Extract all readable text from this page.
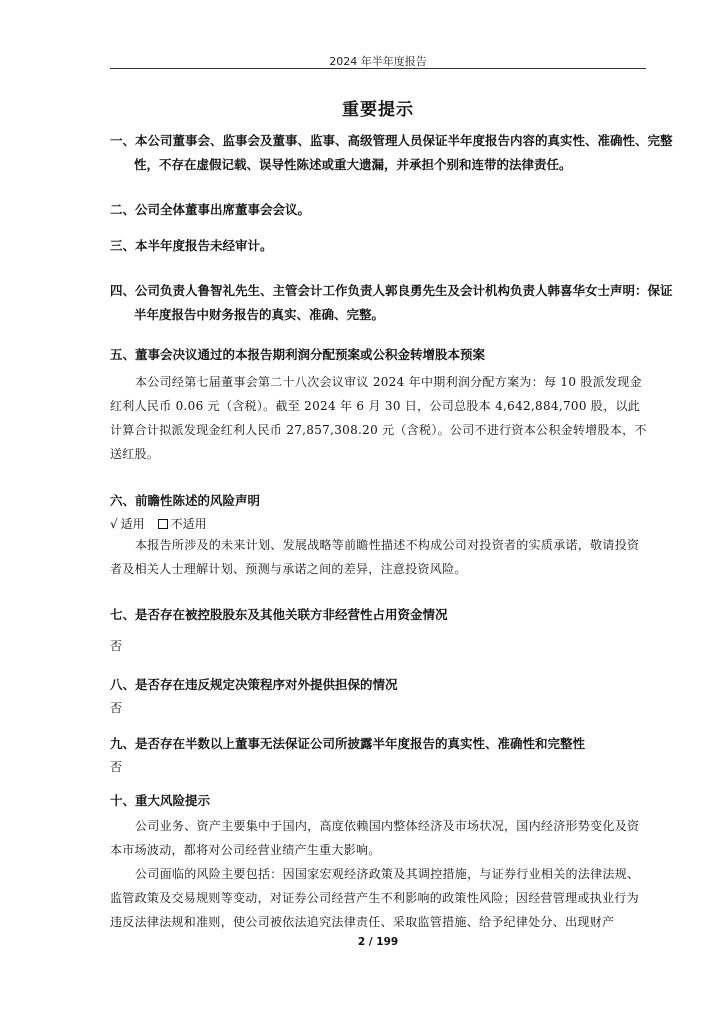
2024 年半年度报告
重要提示
一、本公司董事会、监事会及董事、监事、高级管理人员保证半年度报告内容的真实性、准确性、完整性，不存在虚假记载、误导性陈述或重大遗漏，并承担个别和连带的法律责任。
二、公司全体董事出席董事会会议。
三、本半年度报告未经审计。
四、公司负责人鲁智礼先生、主管会计工作负责人郭良勇先生及会计机构负责人韩喜华女士声明：保证半年度报告中财务报告的真实、准确、完整。
五、董事会决议通过的本报告期利润分配预案或公积金转增股本预案

本公司经第七届董事会第二十八次会议审议 2024 年中期利润分配方案为：每 10 股派发现金红利人民币 0.06 元（含税）。截至 2024 年 6 月 30 日，公司总股本 4,642,884,700 股，以此计算合计拟派发现金红利人民币 27,857,308.20 元（含税）。公司不进行资本公积金转增股本，不送红股。

六、前瞻性陈述的风险声明
√ 适用 不适用

本报告所涉及的未来计划、发展战略等前瞻性描述不构成公司对投资者的实质承诺，敬请投资者及相关人士理解计划、预测与承诺之间的差异，注意投资风险。

七、是否存在被控股股东及其他关联方非经营性占用资金情况
否
八、是否存在违反规定决策程序对外提供担保的情况
否
九、是否存在半数以上董事无法保证公司所披露半年度报告的真实性、准确性和完整性
否
十、重大风险提示

公司业务、资产主要集中于国内，高度依赖国内整体经济及市场状况，国内经济形势变化及资本市场波动，都将对公司经营业绩产生重大影响。

公司面临的风险主要包括：因国家宏观经济政策及其调控措施，与证券行业相关的法律法规、监管政策及交易规则等变动，对证券公司经营产生不利影响的政策性风险；因经营管理或执业行为违反法律法规和准则，使公司被依法追究法律责任、采取监管措施、给予纪律处分、出现财产

2 / 199
